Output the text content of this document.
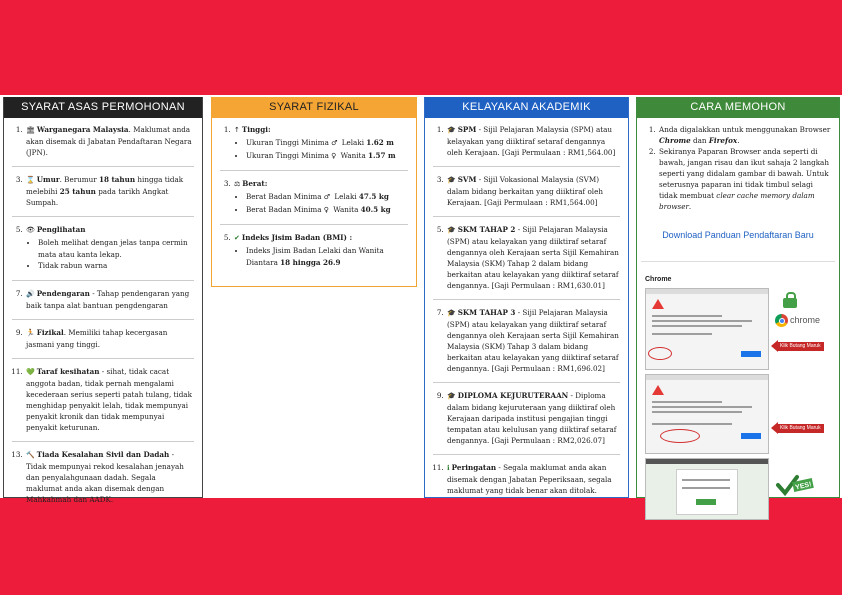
SYARAT ASAS PERMOHONAN
1. 🏛 Warganegara Malaysia. Maklumat anda akan disemak di Jabatan Pendaftaran Negara (JPN).
3. ⌛ Umur. Berumur 18 tahun hingga tidak melebihi 25 tahun pada tarikh Angkat Sumpah.
5. 👁 Penglihatan
• Boleh melihat dengan jelas tanpa cermin mata atau kanta lekap.
• Tidak rabun warna
7. 🔊 Pendengaran - Tahap pendengaran yang baik tanpa alat bantuan pengdengaran
9. 🏃 Fizikal. Memiliki tahap kecergasan jasmani yang tinggi.
11. 💚 Taraf kesihatan - sihat, tidak cacat anggota badan, tidak pernah mengalami kecederaan serius seperti patah tulang, tidak menghidap penyakit lelah, tidak mempunyai penyakit kronik dan tidak mempunyai penyakit keturunan.
13. 🔨 Tiada Kesalahan Sivil dan Dadah - Tidak mempunyai rekod kesalahan jenayah dan penyalahgunaan dadah. Segala maklumat anda akan disemak dengan Mahkahmah dan AADK.
SYARAT FIZIKAL
1. ↑ Tinggi:
• Ukuran Tinggi Minima ♂ Lelaki 1.62 m
• Ukuran Tinggi Minima ♀ Wanita 1.57 m
3. ⚖ Berat:
• Berat Badan Minima ♂ Lelaki 47.5 kg
• Berat Badan Minima ♀ Wanita 40.5 kg
5. ✔ Indeks Jisim Badan (BMI) :
• Indeks Jisim Badan Lelaki dan Wanita Diantara 18 hingga 26.9
KELAYAKAN AKADEMIK
1. 🎓 SPM - Sijil Pelajaran Malaysia (SPM) atau kelayakan yang diiktiraf setaraf dengannya oleh Kerajaan. [Gaji Permulaan : RM1,564.00]
3. 🎓 SVM - Sijil Vokasional Malaysia (SVM) dalam bidang berkaitan yang diiktiraf oleh Kerajaan. [Gaji Permulaan : RM1,564.00]
5. 🎓 SKM TAHAP 2 - Sijil Pelajaran Malaysia (SPM) atau kelayakan yang diiktiraf setaraf dengannya oleh Kerajaan serta Sijil Kemahiran Malaysia (SKM) Tahap 2 dalam bidang berkaitan atau kelayakan yang diiktiraf setaraf dengannya. [Gaji Permulaan : RM1,630.01]
7. 🎓 SKM TAHAP 3 - Sijil Pelajaran Malaysia (SPM) atau kelayakan yang diiktiraf setaraf dengannya oleh Kerajaan serta Sijil Kemahiran Malaysia (SKM) Tahap 3 dalam bidang berkaitan atau kelayakan yang diiktiraf setaraf dengannya. [Gaji Permulaan : RM1,696.02]
9. 🎓 DIPLOMA KEJURUTERAAN - Diploma dalam bidang kejuruteraan yang diiktiraf oleh Kerajaan daripada institusi pengajian tinggi tempatan atau kelulusan yang diiktiraf setaraf dengannya. [Gaji Permulaan : RM2,026.07]
11. ℹ Peringatan - Segala maklumat anda akan disemak dengan Jabatan Peperiksaan, segala maklumat yang tidak benar akan ditolak.
CARA MEMOHON
1. Anda digalakkan untuk menggunakan Browser Chrome dan Firefox.
2. Sekiranya Paparan Browser anda seperti di bawah, jangan risau dan ikut sahaja 2 langkah seperti yang didalam gambar di bawah. Untuk seterusnya paparan ini tidak timbul selagi tidak membuat clear cache memory dalam browser.
Download Panduan Pendaftaran Baru
Chrome
chrome
Klik Butang Maruk
Klik Butang Maruk
YES!
